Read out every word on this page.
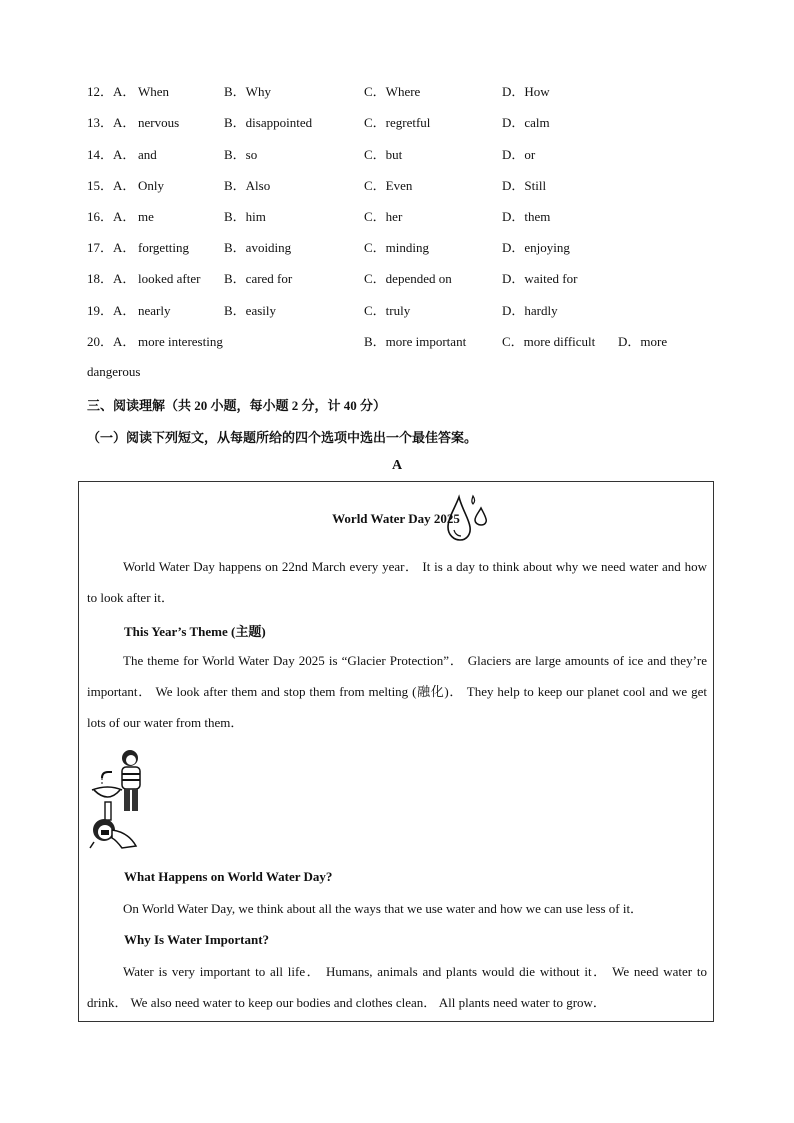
12．A． When	B．Why	C．Where	D．How
13．A． nervous	B．disappointed	C．regretful	D．calm
14．A． and	B．so	C．but	D．or
15．A． Only	B．Also	C．Even	D．Still
16．A． me	B．him	C．her	D．them
17．A． forgetting	B．avoiding	C．minding	D．enjoying
18．A． looked after B．cared for	C．depended on	D．waited for
19．A． nearly	B．easily	C．truly	D．hardly
20．A． more interesting	B．more important	C．more difficult D．more
dangerous
三、阅读理解（共 20 小题，每小题 2 分，计 40 分）
（一）阅读下列短文，从每题所给的四个选项中选出一个最佳答案。
A
World Water Day 2025
World Water Day happens on 22nd March every year． It is a day to think about why we need water and how to look after it．
This Year’s Theme (主题)
The theme for World Water Day 2025 is “Glacier Protection”． Glaciers are large amounts of ice and they’re important． We look after them and stop them from melting (融化)． They help to keep our planet cool and we get lots of our water from them．
What Happens on World Water Day?
On World Water Day, we think about all the ways that we use water and how we can use less of it．
Why Is Water Important?
Water is very important to all life． Humans, animals and plants would die without it． We need water to drink． We also need water to keep our bodies and clothes clean． All plants need water to grow．
